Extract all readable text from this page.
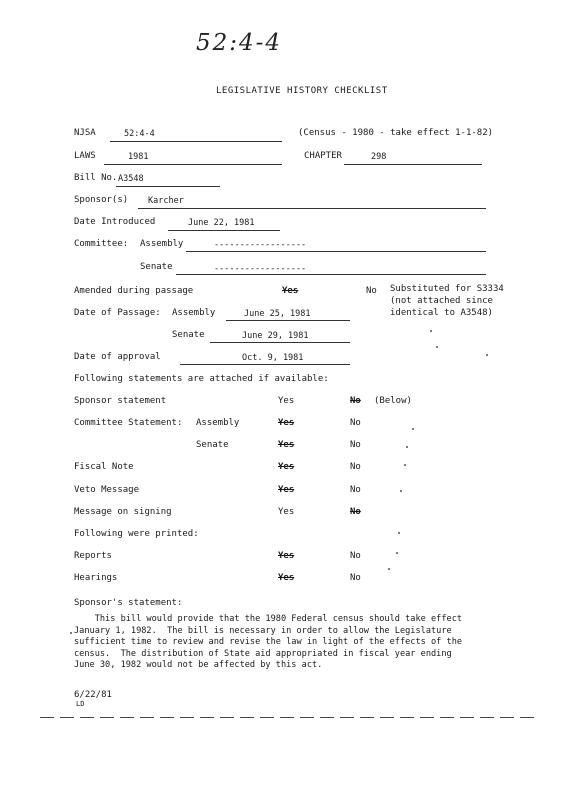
52:4-4
LEGISLATIVE HISTORY CHECKLIST
NJSA	52:4-4	(Census - 1980 - take effect 1-1-82)
LAWS	1981	CHAPTER	298
Bill No. A3548
Sponsor(s) Karcher
Date Introduced	June 22, 1981
Committee: Assembly	------------------
Senate	------------------
Amended during passage	Yes	No Substituted for S3334
(not attached since
identical to A3548)
Date of Passage: Assembly	June 25, 1981
Senate	June 29, 1981
Date of approval	Oct. 9, 1981
Following statements are attached if available:
Sponsor statement	Yes	No (Below)
Committee Statement: Assembly	Yes	No
Senate	Yes	No
Fiscal Note	Yes	No
Veto Message	Yes	No
Message on signing	Yes	No
Following were printed:
Reports	Yes	No
Hearings	Yes	No
Sponsor's statement:
This bill would provide that the 1980 Federal census should take effect
January 1, 1982.  The bill is necessary in order to allow the Legislature
sufficient time to review and revise the law in light of the effects of the
census.  The distribution of State aid appropriated in fiscal year ending
June 30, 1982 would not be affected by this act.
6/22/81
LD
